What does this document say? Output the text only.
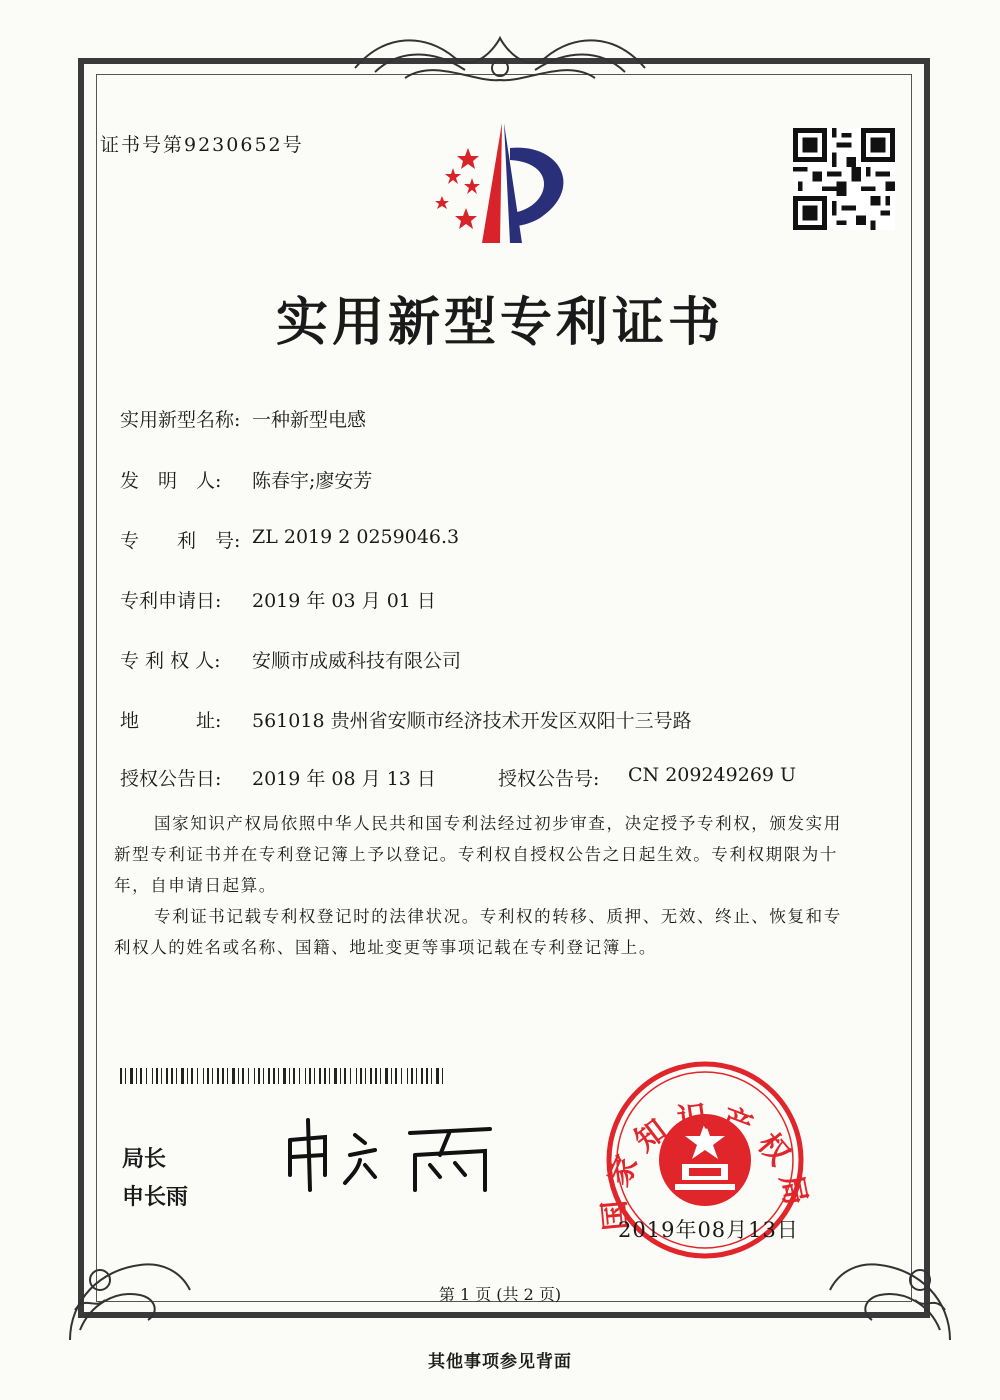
证书号第9230652号
实用新型专利证书
实用新型名称: 一种新型电感
发　明　人: 陈春宇;廖安芳
专　　利　号: ZL 2019 2 0259046.3
专利申请日: 2019 年 03 月 01 日
专 利 权 人: 安顺市成威科技有限公司
地　　　址: 561018 贵州省安顺市经济技术开发区双阳十三号路
授权公告日: 2019 年 08 月 13 日	授权公告号: CN 209249269 U
国家知识产权局依照中华人民共和国专利法经过初步审查，决定授予专利权，颁发实用
新型专利证书并在专利登记簿上予以登记。专利权自授权公告之日起生效。专利权期限为十
年，自申请日起算。
专利证书记载专利权登记时的法律状况。专利权的转移、质押、无效、终止、恢复和专
利权人的姓名或名称、国籍、地址变更等事项记载在专利登记簿上。
局长
申长雨
国 家 知 识 产 权 局
2019年08月13日
第 1 页 (共 2 页)
其他事项参见背面
